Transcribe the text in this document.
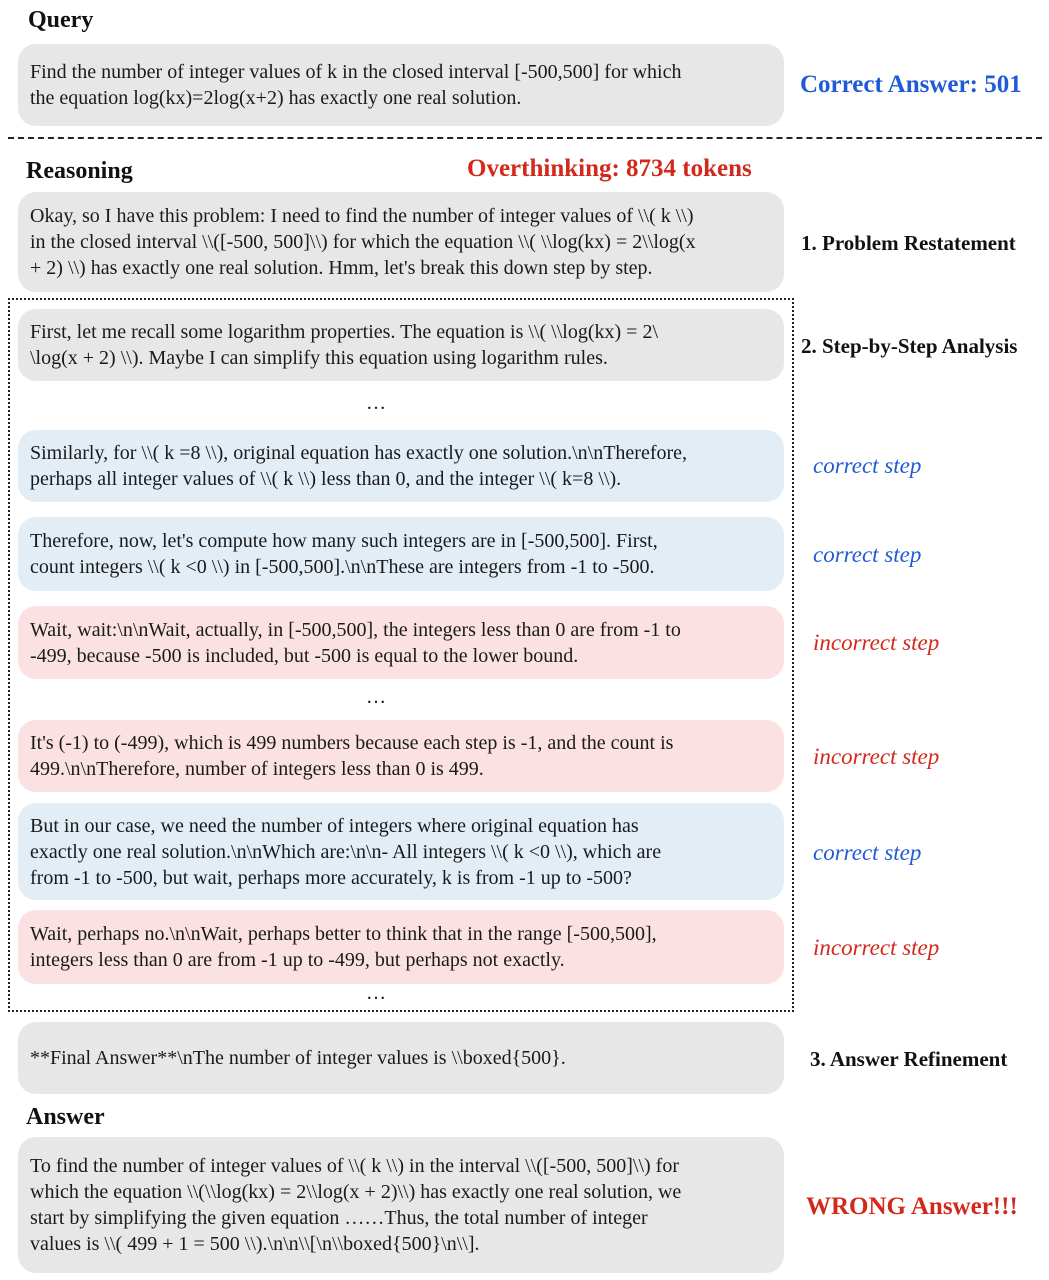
Query
Find the number of integer values of k in the closed interval [-500,500] for which
the equation log(kx)=2log(x+2) has exactly one real solution.	Correct Answer: 501
Reasoning	Overthinking: 8734 tokens
Okay, so I have this problem: I need to find the number of integer values of \\( k \\)
in the closed interval \\([-500, 500]\\) for which the equation \\( \\log(kx) = 2\\log(x
+ 2) \\) has exactly one real solution. Hmm, let's break this down step by step.
1. Problem Restatement
2. Step-by-Step Analysis
First, let me recall some logarithm properties. The equation is \\( \\log(kx) = 2\
\log(x + 2) \\). Maybe I can simplify this equation using logarithm rules.
…
Similarly, for \\( k =8 \\), original equation has exactly one solution.\n\nTherefore,
perhaps all integer values of \\( k \\) less than 0, and the integer \\( k=8 \\).
correct step
Therefore, now, let's compute how many such integers are in [-500,500]. First,
count integers \\( k <0 \\) in [-500,500].\n\nThese are integers from -1 to -500.	correct step
Wait, wait:\n\nWait, actually, in [-500,500], the integers less than 0 are from -1 to
-499, because -500 is included, but -500 is equal to the lower bound.
incorrect step
…
It's (-1) to (-499), which is 499 numbers because each step is -1, and the count is
499.\n\nTherefore, number of integers less than 0 is 499.	incorrect step
But in our case, we need the number of integers where original equation has
exactly one real solution.\n\nWhich are:\n\n- All integers \\( k <0 \\), which are
from -1 to -500, but wait, perhaps more accurately, k is from -1 up to -500?
correct step
Wait, perhaps no.\n\nWait, perhaps better to think that in the range [-500,500],
integers less than 0 are from -1 up to -499, but perhaps not exactly.	incorrect step
…
**Final Answer**\nThe number of integer values is \\boxed{500}.	3. Answer Refinement
Answer
To find the number of integer values of \\( k \\) in the interval \\([-500, 500]\\) for
which the equation \\(\\log(kx) = 2\\log(x + 2)\\) has exactly one real solution, we
start by simplifying the given equation ……Thus, the total number of integer
values is \\( 499 + 1 = 500 \\).\n\n\\[\n\\boxed{500}\n\\].
WRONG Answer!!!
